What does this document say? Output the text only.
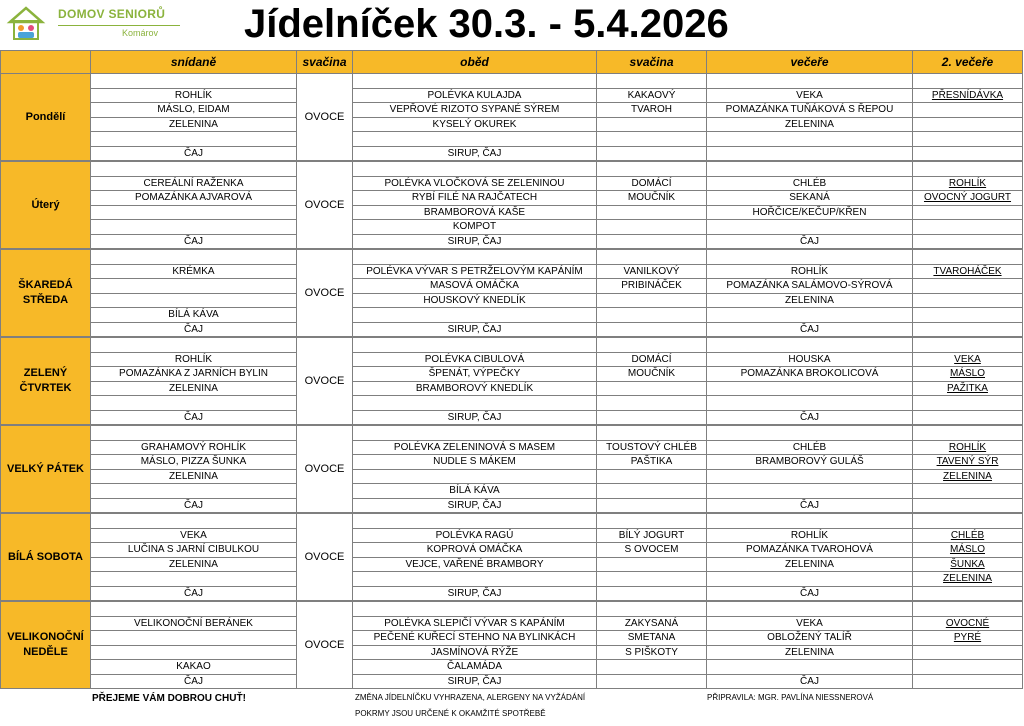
DOMOV SENIORŮ
Komárov Jídelníček 30.3. - 5.4.2026
	snídaně	svačina	oběd	svačina	večeře	2. večeře
Pondělí		OVOCE				
	ROHLÍK		POLÉVKA KULAJDA	KAKAOVÝ	VEKA	PŘESNÍDÁVKA
	MÁSLO, EIDAM		VEPŘOVÉ RIZOTO SYPANÉ SÝREM	TVAROH	POMAZÁNKA TUŇÁKOVÁ S ŘEPOU	
	ZELENINA		KYSELÝ OKUREK		ZELENINA	

	ČAJ		SIRUP, ČAJ			
Úterý		OVOCE				
	CEREÁLNÍ RAŽENKA		POLÉVKA VLOČKOVÁ SE ZELENINOU	DOMÁCÍ	CHLÉB	ROHLÍK
	POMAZÁNKA AJVAROVÁ		RYBÍ FILÉ NA RAJČATECH	MOUČNÍK	SEKANÁ	OVOCNÝ JOGURT
			BRAMBOROVÁ KAŠE		HOŘČICE/KEČUP/KŘEN	
			KOMPOT			
	ČAJ		SIRUP, ČAJ		ČAJ	
ŠKAREDÁ STŘEDA		OVOCE				
	KRÉMKA		POLÉVKA VÝVAR S PETRŽELOVÝM KAPÁNÍM	VANILKOVÝ	ROHLÍK	TVAROHÁČEK
			MASOVÁ OMÁČKA	PRIBINÁČEK	POMAZÁNKA SALÁMOVO-SÝROVÁ	
			HOUSKOVÝ KNEDLÍK		ZELENINA	
	BÍLÁ KÁVA					
	ČAJ		SIRUP, ČAJ		ČAJ	
ZELENÝ ČTVRTEK		OVOCE				
	ROHLÍK		POLÉVKA CIBULOVÁ	DOMÁCÍ	HOUSKA	VEKA
	POMAZÁNKA Z JARNÍCH BYLIN		ŠPENÁT, VÝPEČKY	MOUČNÍK	POMAZÁNKA BROKOLICOVÁ	MÁSLO
	ZELENINA		BRAMBOROVÝ KNEDLÍK			PAŽITKA

	ČAJ		SIRUP, ČAJ		ČAJ	
VELKÝ PÁTEK		OVOCE				
	GRAHAMOVÝ ROHLÍK		POLÉVKA ZELENINOVÁ S MASEM	TOUSTOVÝ CHLÉB	CHLÉB	ROHLÍK
	MÁSLO, PIZZA ŠUNKA		NUDLE S MÁKEM	PAŠTIKA	BRAMBOROVÝ GULÁŠ	TAVENÝ SÝR
	ZELENINA					ZELENINA
			BÍLÁ KÁVA			
	ČAJ		SIRUP, ČAJ		ČAJ	
BÍLÁ SOBOTA		OVOCE				
	VEKA		POLÉVKA RAGÚ	BÍLÝ JOGURT	ROHLÍK	CHLÉB
	LUČINA S JARNÍ CIBULKOU		KOPROVÁ OMÁČKA	S OVOCEM	POMAZÁNKA TVAROHOVÁ	MÁSLO
	ZELENINA		VEJCE, VAŘENÉ BRAMBORY		ZELENINA	ŠUNKA
						ZELENINA
	ČAJ		SIRUP, ČAJ		ČAJ	
VELIKONOČNÍ NEDĚLE		OVOCE				
	VELIKONOČNÍ BERÁNEK		POLÉVKA SLEPIČÍ VÝVAR S KAPÁNÍM	ZAKYSANÁ	VEKA	OVOCNÉ
			PEČENÉ KUŘECÍ STEHNO NA BYLINKÁCH	SMETANA	OBLOŽENÝ TALÍŘ	PYRÉ
			JASMÍNOVÁ RÝŽE	S PIŠKOTY	ZELENINA	
	KAKAO		ČALAMÁDA			
	ČAJ		SIRUP, ČAJ		ČAJ	
PŘEJEME VÁM DOBROU CHUŤ!	ZMĚNA JÍDELNÍČKU VYHRAZENA, ALERGENY NA VYŽÁDÁNÍ
POKRMY JSOU URČENÉ K OKAMŽITÉ SPOTŘEBĚ
PŘIPRAVILA: MGR. PAVLÍNA NIESSNEROVÁ
